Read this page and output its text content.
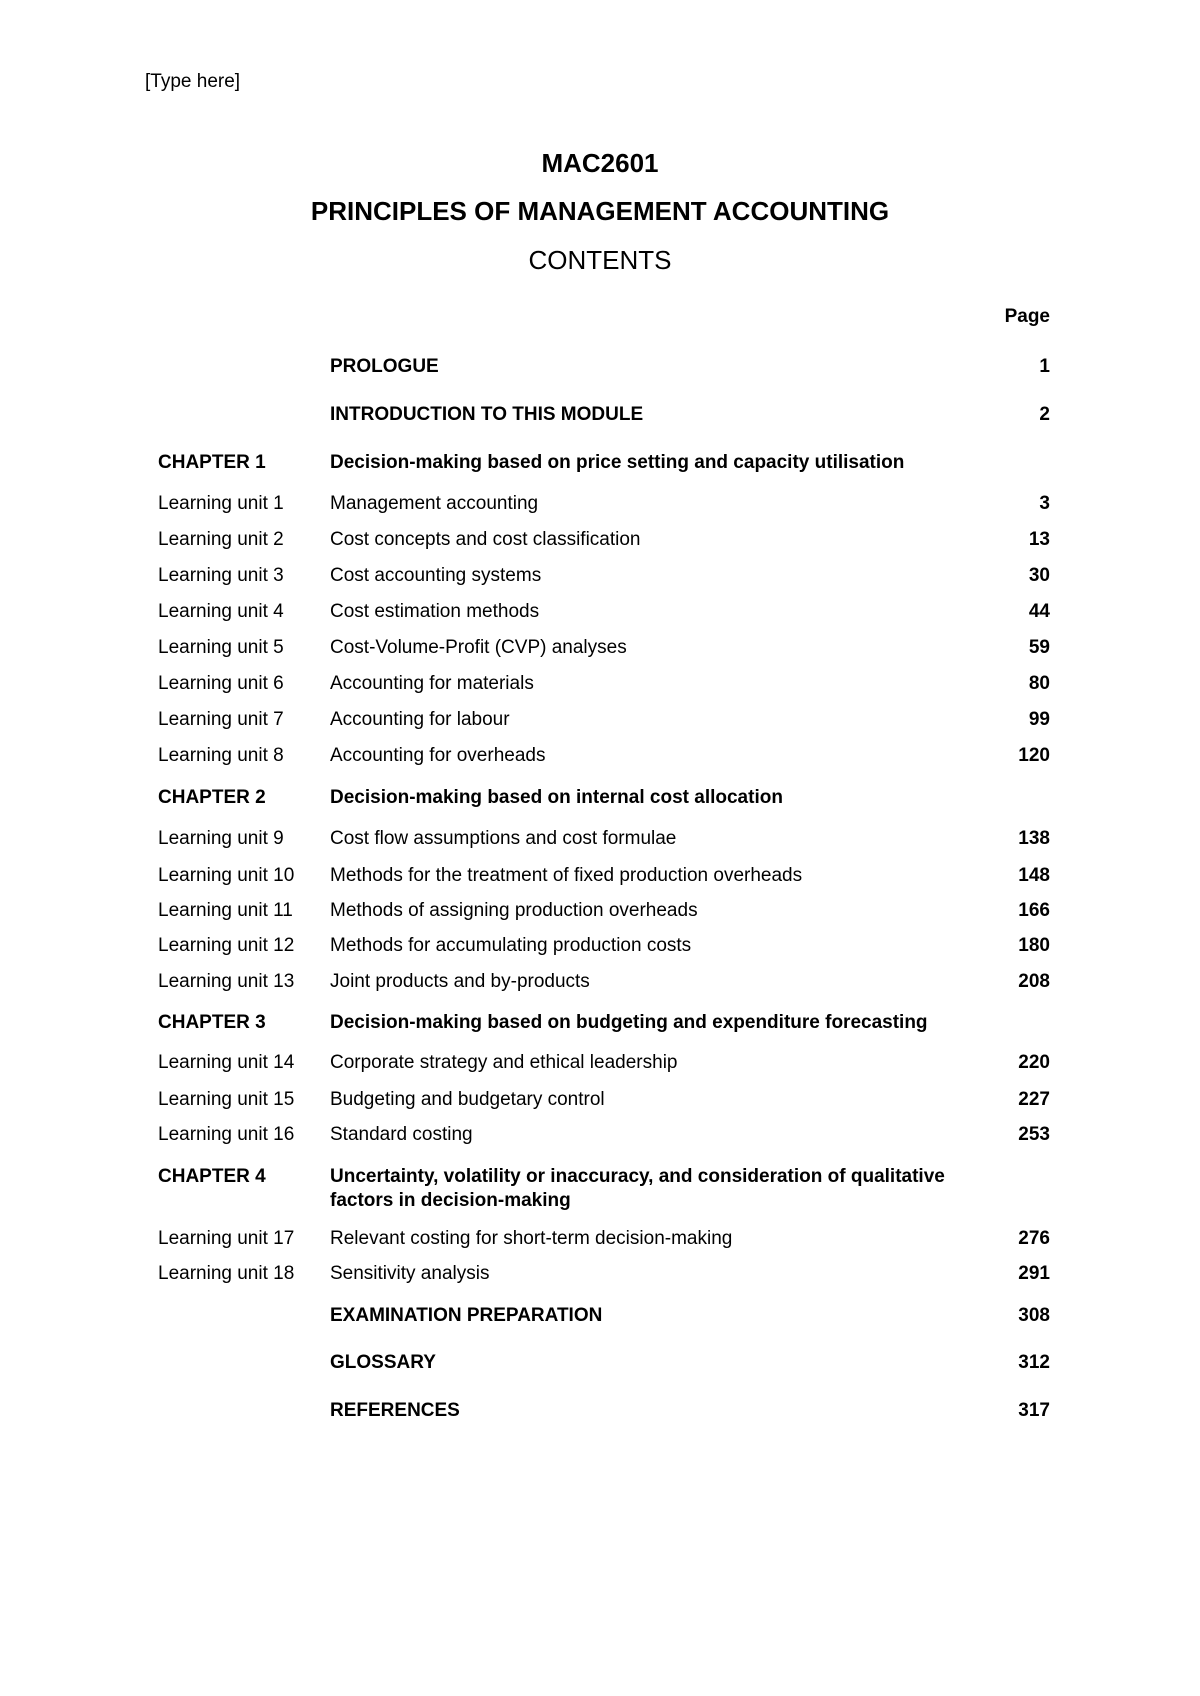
[Type here]
MAC2601
PRINCIPLES OF MANAGEMENT ACCOUNTING
CONTENTS
Page
PROLOGUE	1
INTRODUCTION TO THIS MODULE	2
CHAPTER 1	Decision-making based on price setting and capacity utilisation
Learning unit 1 Management accounting	3
Learning unit 2 Cost concepts and cost classification	13
Learning unit 3 Cost accounting systems	30
Learning unit 4 Cost estimation methods	44
Learning unit 5 Cost-Volume-Profit (CVP) analyses	59
Learning unit 6 Accounting for materials	80
Learning unit 7 Accounting for labour	99
Learning unit 8 Accounting for overheads	120
CHAPTER 2	Decision-making based on internal cost allocation
Learning unit 9 Cost flow assumptions and cost formulae	138
Learning unit 10 Methods for the treatment of fixed production overheads	148
Learning unit 11 Methods of assigning production overheads	166
Learning unit 12 Methods for accumulating production costs	180
Learning unit 13 Joint products and by-products	208
CHAPTER 3	Decision-making based on budgeting and expenditure forecasting
Learning unit 14 Corporate strategy and ethical leadership	220
Learning unit 15 Budgeting and budgetary control	227
Learning unit 16 Standard costing	253
CHAPTER 4	Uncertainty, volatility or inaccuracy, and consideration of qualitative factors in decision-making
Learning unit 17 Relevant costing for short-term decision-making	276
Learning unit 18 Sensitivity analysis	291
EXAMINATION PREPARATION	308
GLOSSARY	312
REFERENCES	317
